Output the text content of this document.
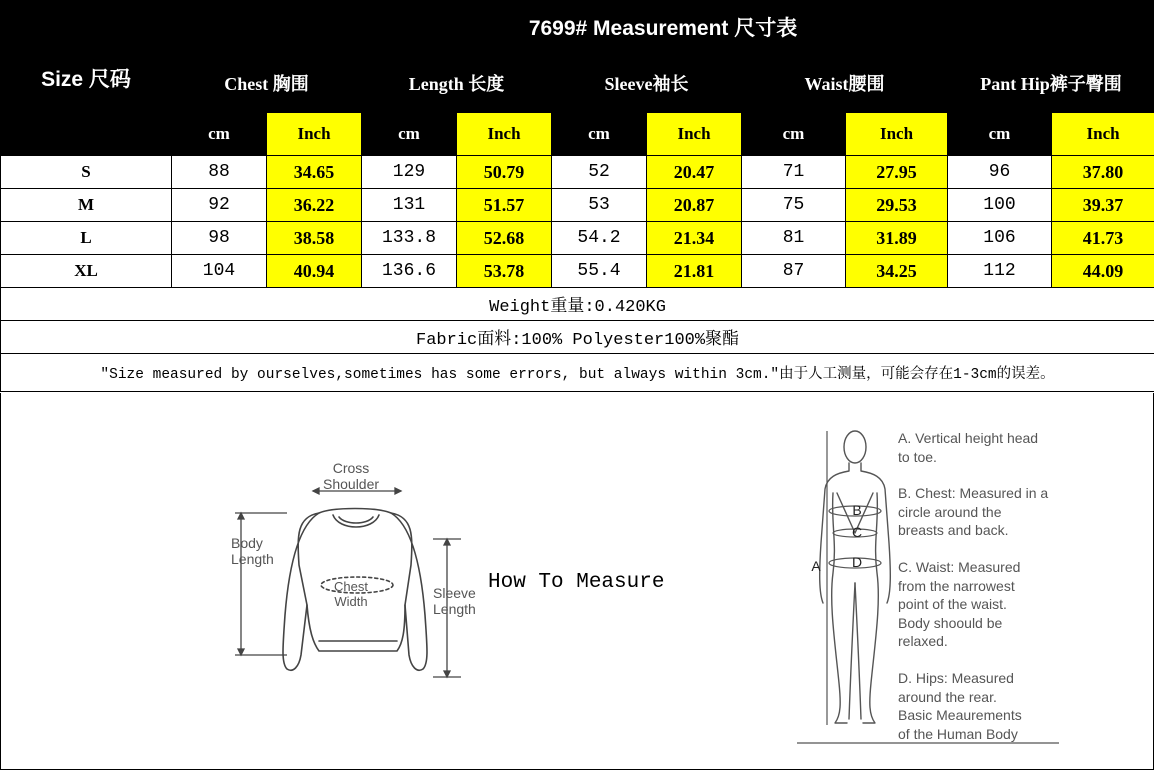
Size 尺码	7699# Measurement 尺寸表									
	Chest 胸围		Length 长度		Sleeve袖长		Waist腰围		Pant Hip裤子臀围	
	cm	Inch	cm	Inch	cm	Inch	cm	Inch	cm	Inch
S	88	34.65	129	50.79	52	20.47	71	27.95	96	37.80
M	92	36.22	131	51.57	53	20.87	75	29.53	100	39.37
L	98	38.58	133.8	52.68	54.2	21.34	81	31.89	106	41.73
XL	104	40.94	136.6	53.78	55.4	21.81	87	34.25	112	44.09
Weight重量:0.420KG										
Fabric面料:100% Polyester100%聚酯										
"Size measured by ourselves,sometimes has some errors, but always within 3cm."由于人工测量，可能会存在1-3cm的误差。										
Cross
Shoulder
Body
Length
Chest
Width
Sleeve
Length
How To Measure
A
B
C
D
A. Vertical height head
to toe.
B. Chest: Measured in a
circle around the
breasts and back.
C. Waist: Measured
from the narrowest
point of the waist.
Body shoould be
relaxed.
D. Hips: Measured
around the rear.
Basic Meaurements
of the Human Body
